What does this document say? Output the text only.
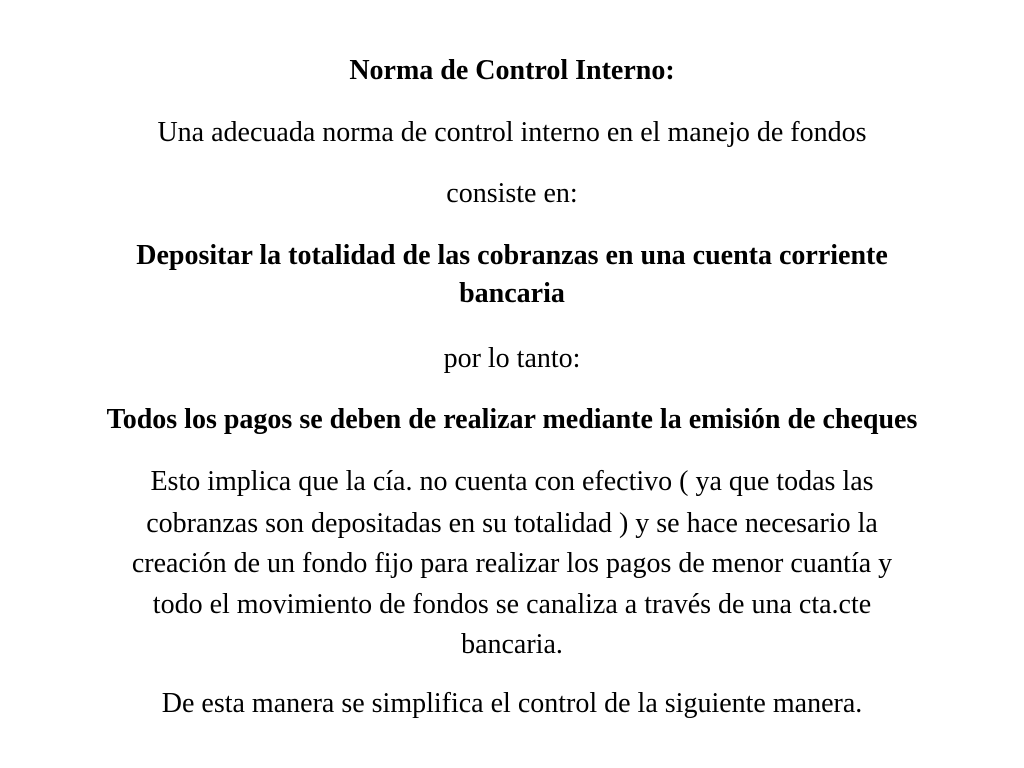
Norma de Control Interno:
Una adecuada norma de control interno en el manejo de fondos
consiste en:
Depositar la totalidad de las cobranzas en una cuenta corriente
bancaria
por lo tanto:
Todos los pagos se deben de realizar mediante la emisión de cheques
Esto implica que la cía. no cuenta con efectivo ( ya que todas las
cobranzas son depositadas en su totalidad ) y se hace necesario la
creación de un fondo fijo para realizar los pagos de menor cuantía y
todo el movimiento de fondos se canaliza a través de una cta.cte
bancaria.
De esta manera se simplifica el control de la siguiente manera.
